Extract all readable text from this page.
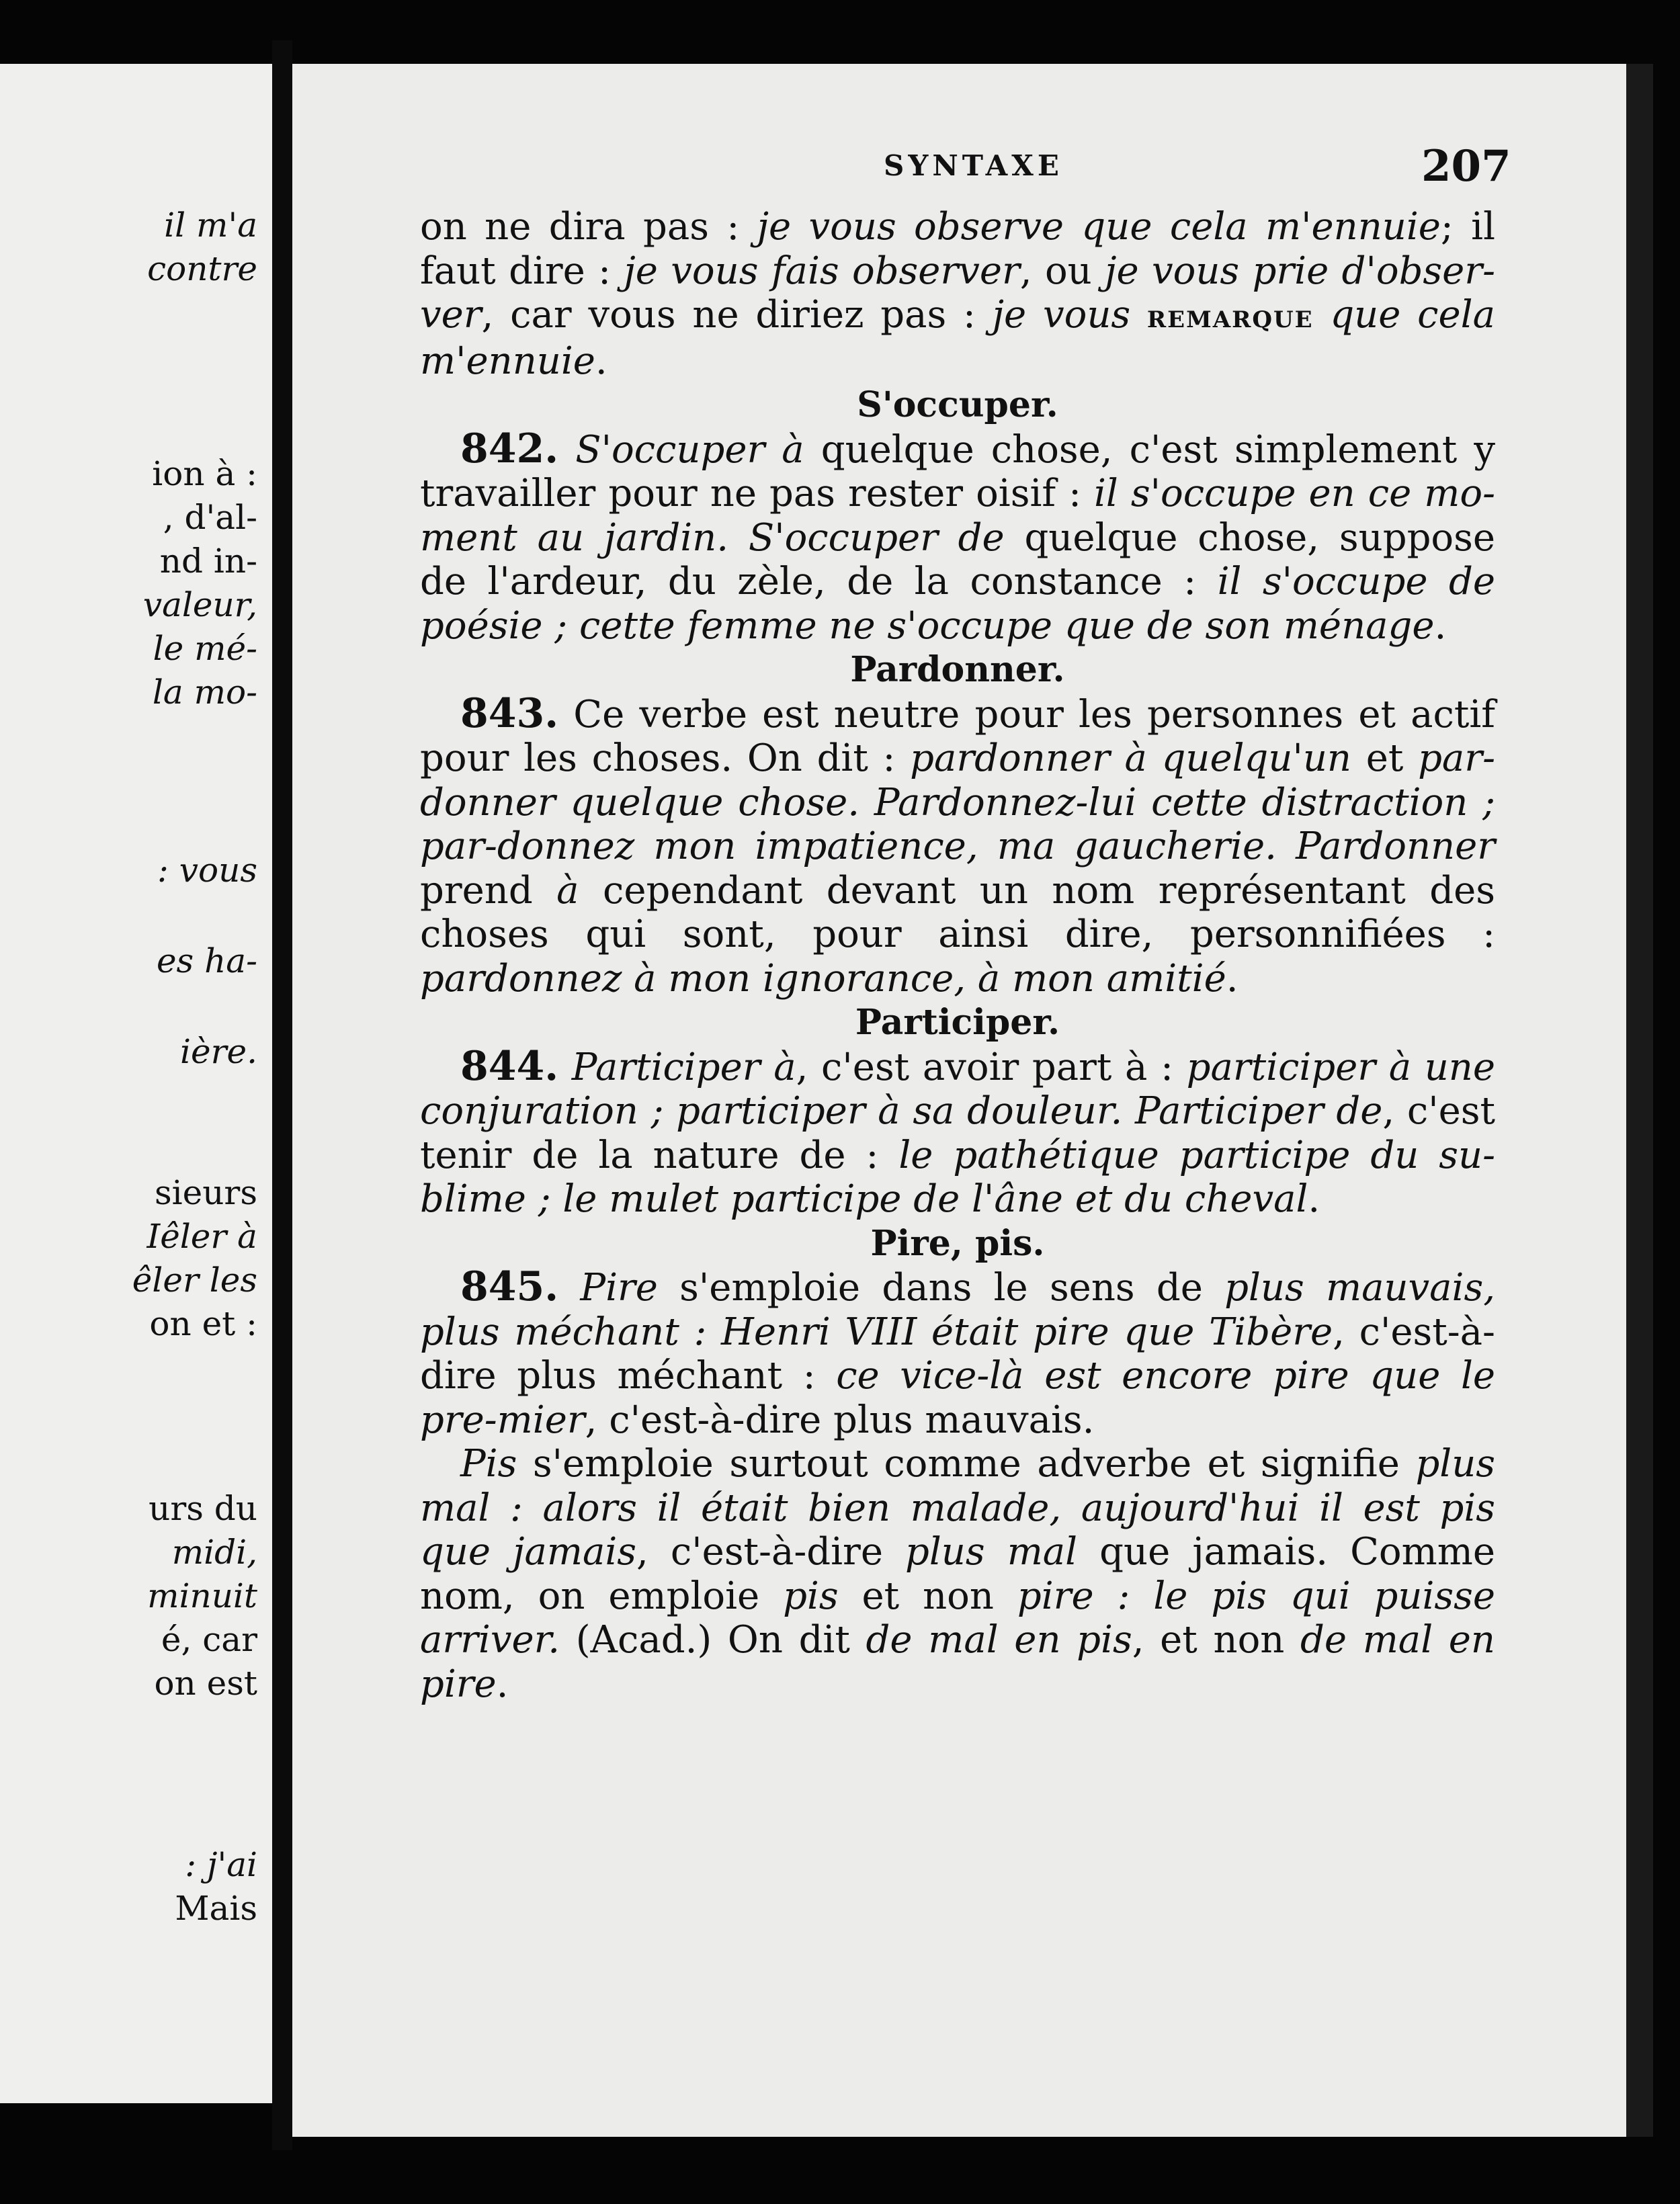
il m'a
contre
ion à :
, d'al-
nd in-
valeur,
le mé-
la mo-
: vous
es ha-
ière.
sieurs
Iêler à
êler les
on et :
urs du
midi,
minuit
é, car
on est
: j'ai
Mais
SYNTAXE	207

on ne dira pas : je vous observe que cela m'ennuie; il faut dire : je vous fais observer, ou je vous prie d'obser-ver, car vous ne diriez pas : je vous remarque que cela m'ennuie.

S'occuper.

842. S'occuper à quelque chose, c'est simplement y travailler pour ne pas rester oisif : il s'occupe en ce mo-ment au jardin. S'occuper de quelque chose, suppose de l'ardeur, du zèle, de la constance : il s'occupe de poésie ; cette femme ne s'occupe que de son ménage.

Pardonner.

843. Ce verbe est neutre pour les personnes et actif pour les choses. On dit : pardonner à quelqu'un et par-donner quelque chose. Pardonnez-lui cette distraction ; par-donnez mon impatience, ma gaucherie. Pardonner prend à cependant devant un nom représentant des choses qui sont, pour ainsi dire, personnifiées : pardonnez à mon ignorance, à mon amitié.

Participer.

844. Participer à, c'est avoir part à : participer à une conjuration ; participer à sa douleur. Participer de, c'est tenir de la nature de : le pathétique participe du su-blime ; le mulet participe de l'âne et du cheval.

Pire, pis.

845. Pire s'emploie dans le sens de plus mauvais, plus méchant : Henri VIII était pire que Tibère, c'est-à-dire plus méchant : ce vice-là est encore pire que le pre-mier, c'est-à-dire plus mauvais.

Pis s'emploie surtout comme adverbe et signifie plus mal : alors il était bien malade, aujourd'hui il est pis que jamais, c'est-à-dire plus mal que jamais. Comme nom, on emploie pis et non pire : le pis qui puisse arriver. (Acad.) On dit de mal en pis, et non de mal en pire.
